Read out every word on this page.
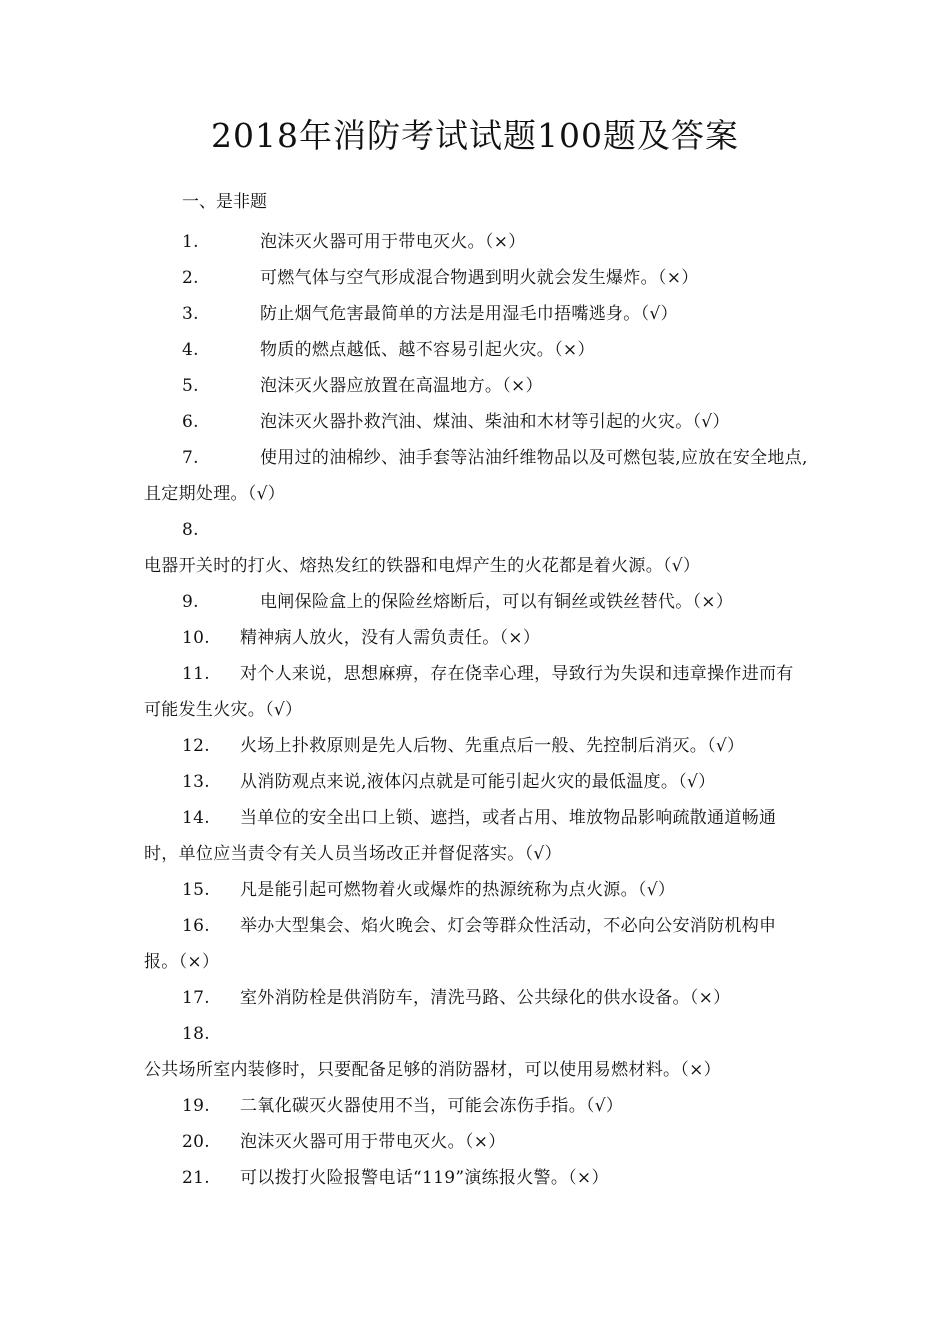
2018年消防考试试题100题及答案
一、是非题

1.	泡沫灭火器可用于带电灭火。（×）

2.	可燃气体与空气形成混合物遇到明火就会发生爆炸。（×）

3.	防止烟气危害最简单的方法是用湿毛巾捂嘴逃身。（√）

4.	物质的燃点越低、越不容易引起火灾。（×）

5.	泡沫灭火器应放置在高温地方。（×）

6.	泡沫灭火器扑救汽油、煤油、柴油和木材等引起的火灾。（√）

7.	使用过的油棉纱、油手套等沾油纤维物品以及可燃包装,应放在安全地点,且定期处理。（√）

8.电器开关时的打火、熔热发红的铁器和电焊产生的火花都是着火源。（√）

9.	电闸保险盒上的保险丝熔断后，可以有铜丝或铁丝替代。（×）

10. 精神病人放火，没有人需负责任。（×）

11. 对个人来说，思想麻痹，存在侥幸心理，导致行为失误和违章操作进而有可能发生火灾。（√）

12. 火场上扑救原则是先人后物、先重点后一般、先控制后消灭。（√）

13. 从消防观点来说,液体闪点就是可能引起火灾的最低温度。（√）

14. 当单位的安全出口上锁、遮挡，或者占用、堆放物品影响疏散通道畅通时，单位应当责令有关人员当场改正并督促落实。（√）

15. 凡是能引起可燃物着火或爆炸的热源统称为点火源。（√）

16. 举办大型集会、焰火晚会、灯会等群众性活动，不必向公安消防机构申报。（×）

17. 室外消防栓是供消防车，清洗马路、公共绿化的供水设备。（×）

18.公共场所室内装修时，只要配备足够的消防器材，可以使用易燃材料。（×）

19. 二氧化碳灭火器使用不当，可能会冻伤手指。（√）

20. 泡沫灭火器可用于带电灭火。（×）

21. 可以拨打火险报警电话“119”演练报火警。（×）
